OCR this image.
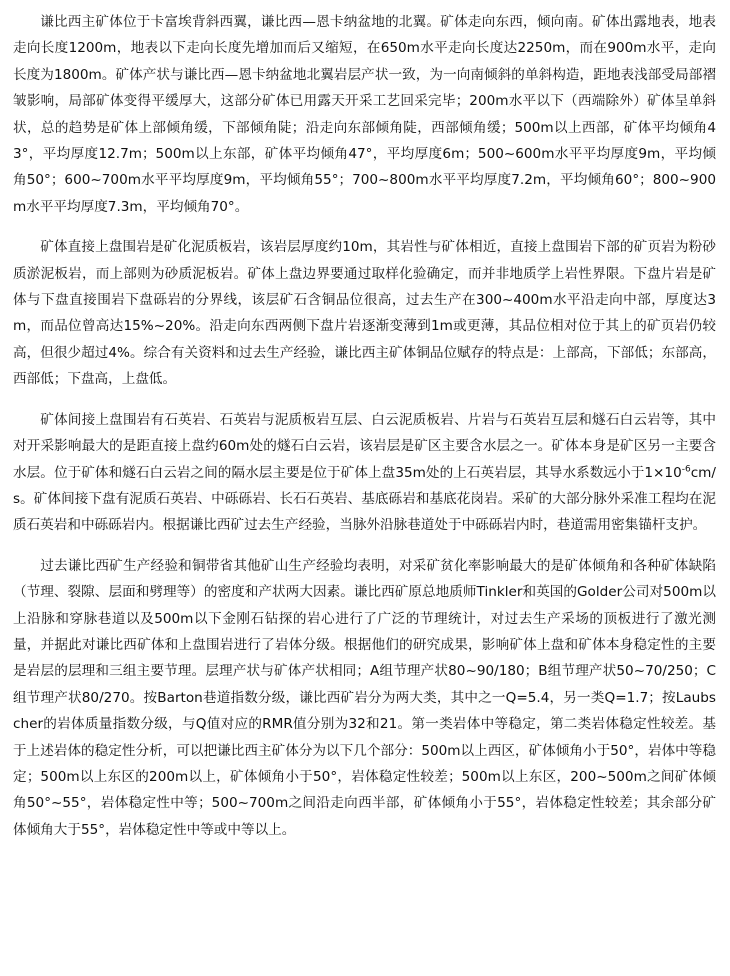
谦比西主矿体位于卡富埃背斜西翼，谦比西—恩卡纳盆地的北翼。矿体走向东西，倾向南。矿体出露地表，地表走向长度1200m，地表以下走向长度先增加而后又缩短，在650m水平走向长度达2250m，而在900m水平，走向长度为1800m。矿体产状与谦比西—恩卡纳盆地北翼岩层产状一致，为一向南倾斜的单斜构造，距地表浅部受局部褶皱影响，局部矿体变得平缓厚大，这部分矿体已用露天开采工艺回采完毕；200m水平以下（西端除外）矿体呈单斜状，总的趋势是矿体上部倾角缓，下部倾角陡；沿走向东部倾角陡，西部倾角缓；500m以上西部，矿体平均倾角43°，平均厚度12.7m；500m以上东部，矿体平均倾角47°，平均厚度6m；500~600m水平平均厚度9m，平均倾角50°；600~700m水平平均厚度9m，平均倾角55°；700~800m水平平均厚度7.2m，平均倾角60°；800~900m水平平均厚度7.3m，平均倾角70°。

矿体直接上盘围岩是矿化泥质板岩，该岩层厚度约10m，其岩性与矿体相近，直接上盘围岩下部的矿页岩为粉砂质淤泥板岩，而上部则为砂质泥板岩。矿体上盘边界要通过取样化验确定，而并非地质学上岩性界限。下盘片岩是矿体与下盘直接围岩下盘砾岩的分界线，该层矿石含铜品位很高，过去生产在300~400m水平沿走向中部，厚度达3m，而品位曾高达15%~20%。沿走向东西两侧下盘片岩逐渐变薄到1m或更薄，其品位相对位于其上的矿页岩仍较高，但很少超过4%。综合有关资料和过去生产经验，谦比西主矿体铜品位赋存的特点是：上部高，下部低；东部高，西部低；下盘高，上盘低。

矿体间接上盘围岩有石英岩、石英岩与泥质板岩互层、白云泥质板岩、片岩与石英岩互层和燧石白云岩等，其中对开采影响最大的是距直接上盘约60m处的燧石白云岩，该岩层是矿区主要含水层之一。矿体本身是矿区另一主要含水层。位于矿体和燧石白云岩之间的隔水层主要是位于矿体上盘35m处的上石英岩层，其导水系数远小于$1\times 10^{-6}cm/s$。矿体间接下盘有泥质石英岩、中砾砾岩、长石石英岩、基底砾岩和基底花岗岩。采矿的大部分脉外采准工程均在泥质石英岩和中砾砾岩内。根据谦比西矿过去生产经验，当脉外沿脉巷道处于中砾砾岩内时，巷道需用密集锚杆支护。

过去谦比西矿生产经验和铜带省其他矿山生产经验均表明，对采矿贫化率影响最大的是矿体倾角和各种矿体缺陷（节理、裂隙、层面和劈理等）的密度和产状两大因素。谦比西矿原总地质师Tinkler和英国的Golder公司对500m以上沿脉和穿脉巷道以及500m以下金刚石钻探的岩心进行了广泛的节理统计，对过去生产采场的顶板进行了激光测量，并据此对谦比西矿体和上盘围岩进行了岩体分级。根据他们的研究成果，影响矿体上盘和矿体本身稳定性的主要是岩层的层理和三组主要节理。层理产状与矿体产状相同；A组节理产状80~90/180；B组节理产状50~70/250；C组节理产状80/270。按Barton巷道指数分级，谦比西矿岩分为两大类，其中之一Q=5.4，另一类Q=1.7；按Laubscher的岩体质量指数分级，与Q值对应的RMR值分别为32和21。第一类岩体中等稳定，第二类岩体稳定性较差。基于上述岩体的稳定性分析，可以把谦比西主矿体分为以下几个部分：500m以上西区，矿体倾角小于50°，岩体中等稳定；500m以上东区的200m以上，矿体倾角小于50°，岩体稳定性较差；500m以上东区，200~500m之间矿体倾角50°~55°，岩体稳定性中等；500~700m之间沿走向西半部，矿体倾角小于55°，岩体稳定性较差；其余部分矿体倾角大于55°，岩体稳定性中等或中等以上。
